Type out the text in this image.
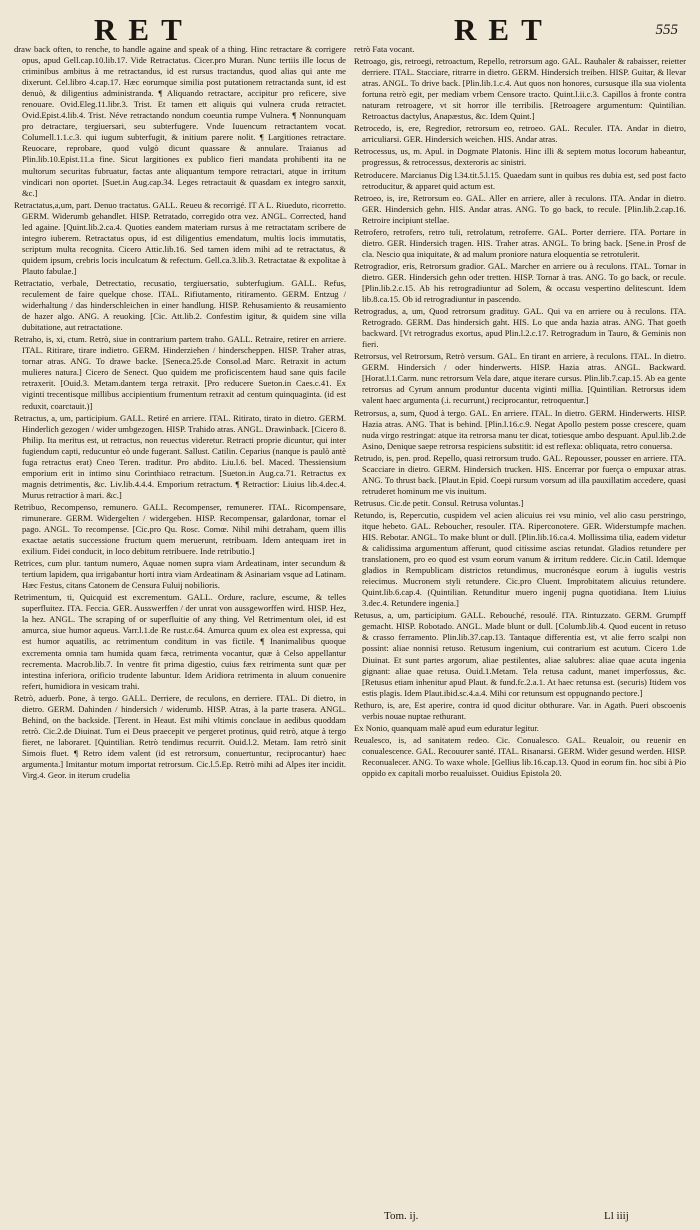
RET	RET	555

draw back often, to renche, to handle againe and speak of a thing. Hinc retractare & corrigere opus, apud Gell.cap.10.lib.17. Vide Retractatus. Cicer.pro Muran. Nunc tertiis ille locus de criminibus ambitus à me retractandus, id est rursus tractandus, quod alias qui ante me dixerunt. Cel.libro 4.cap.17. Hæc eorumque similia post putationem retractanda sunt, id est denuò, & diligentius administranda. ¶ Aliquando retractare, accipitur pro reficere, sive renouare. Ovid.Eleg.11.libr.3. Trist. Et tamen ett aliquis qui vulnera cruda retractet. Ovid.Epist.4.lib.4. Trist. Néve retractando nondum coeuntia rumpe Vulnera. ¶ Nonnunquam pro detractare, tergiuersari, seu subterfugere. Vnde Iuuencum retractantem vocat. Columell.1.1.c.3. qui iugum subterfugit, & initium parere nolit. ¶ Largitiones retractare. Reuocare, reprobare, quod vulgò dicunt quassare & annulare. Traianus ad Plin.lib.10.Epist.11.a fine. Sicut largitiones ex publico fieri mandata prohibenti ita ne multorum securitas fubruatur, factas ante aliquantum tempore retractari, atque in irritum vindicari non oportet. [Suet.in Aug.cap.34. Leges retractauit & quasdam ex integro sanxit, &c.]

Retractatus,a,um, part. Denuo tractatus. GALL. Reueu & recorrigé. IT A L. Riueduto, ricorretto. GERM. Widerumb gehandlet. HISP. Retratado, corregido otra vez. ANGL. Corrected, hand led againe. [Quint.lib.2.ca.4. Quoties eandem materiam rursus à me retractatam scribere de integro iuberem. Retractatus opus, id est diligentius emendatum, multis locis immutatis, scriptum multa recognita. Cicero Attic.lib.16. Sed tamen idem mihi ad te retractatus, & quidem ipsum, crebris locis inculcatum & refectum. Gell.ca.3.lib.3. Retractatae & expolitae à Plauto fabulae.]

Retractatio, verbale, Detrectatio, recusatio, tergiuersatio, subterfugium. GALL. Refus, reculement de faire quelque chose. ITAL. Rifiutamento, ritiramento. GERM. Entzug / widerhaltung / das hinderschleichen in einer handlung. HISP. Rehusamiento & reusamiento de hazer algo. ANG. A reuoking. [Cic. Att.lib.2. Confestim igitur, & quidem sine villa dubitatione, aut retractatione.

Retraho, is, xi, ctum. Retrò, siue in contrarium partem traho. GALL. Retraire, retirer en arriere. ITAL. Ritirare, tirare indietro. GERM. Hinderziehen / hinderscheppen. HISP. Traher atras, tornar atras. ANG. To drawe backe. [Seneca.25.de Consol.ad Marc. Retraxit in actum mulieres natura.] Cicero de Senect. Quo quidem me proficiscentem haud sane quis facile retraxerit. [Ouid.3. Metam.dantem terga retraxit. [Pro reducere Sueton.in Caes.c.41. Ex viginti trecentisque millibus accipientium frumentum retraxit ad centum quinquaginta. (id est reduxit, coarctauit.)]

Retractus, a, um, participium. GALL. Retiré en arriere. ITAL. Ritirato, tirato in dietro. GERM. Hinderlich gezogen / wider umbgezogen. HISP. Trahido atras. ANGL. Drawinback. [Cicero 8. Philip. Ita meritus est, ut retractus, non reuectus videretur. Retracti proprie dicuntur, qui inter fugiendum capti, reducuntur eò unde fugerant. Sallust. Catilin. Ceparius (nanque is paulò antè fuga retractus erat) Cneo Teren. traditur. Pro abdito. Liu.l.6. bel. Maced. Thessiensium emporium erit in intimo sinu Corinthiaco retractum. [Sueton.in Aug.ca.71. Retractus ex magnis detrimentis, &c. Liv.lib.4.4.4. Emporium retractum. ¶ Retractior: Liuius lib.4.dec.4. Murus retractior à mari. &c.]

Retribuo, Recompenso, remunero. GALL. Recompenser, remunerer. ITAL. Ricompensare, rimunerare. GERM. Widergelten / widergeben. HISP. Recompensar, galardonar, tornar el pago. ANGL. To recompense. [Cic.pro Qu. Rosc. Comœ. Nihil mihi detraham, quem illis exactae aetatis successione fructum quem meruerunt, retribuam. Idem antequam iret in exilium. Fidei conducit, in loco debitum retribuere. Inde retributio.]

Retrices, cum plur. tantum numero, Aquae nomen supra viam Ardeatinam, inter secundum & tertium lapidem, qua irrigabantur horti intra viam Ardeatinam & Asinariam vsque ad Latinam. Hæc Festus, citans Catonem de Censura Fuluij nobilioris.

Retrimentum, ti, Quicquid est excrementum. GALL. Ordure, raclure, escume, & telles superfluitez. ITA. Feccia. GER. Ausswerffen / der unrat von aussgeworffen wird. HISP. Hez, la hez. ANGL. The scraping of or superfluitie of any thing. Vel Retrimentum olei, id est amurca, siue humor aqueus. Varr.l.1.de Re rust.c.64. Amurca quum ex olea est expressa, qui est humor aquatilis, ac retrimentum conditum in vas fictile. ¶ Inanimalibus quoque excrementa omnia tam humida quam fæca, retrimenta vocantur, quæ à Celso appellantur recrementa. Macrob.lib.7. In ventre fit prima digestio, cuius fæx retrimenta sunt quæ per intestina inferiora, orificio trudente labuntur. Idem Aridiora retrimenta in aluum conuenire refert, humidiora in vesicam trahi.

Retrò, aduerb. Pone, à tergo. GALL. Derriere, de reculons, en derriere. ITAL. Di dietro, in dietro. GERM. Dahinden / hindersich / widerumb. HISP. Atras, à la parte trasera. ANGL. Behind, on the backside. [Terent. in Heaut. Est mihi vltimis conclaue in aedibus quoddam retrò. Cic.2.de Diuinat. Tum ei Deus praecepit ve pergeret protinus, quid retrò, atque à tergo fieret, ne laboraret. [Quintilian. Retrò tendimus recurrit. Ouid.l.2. Metam. Iam retrò sinit Simois fluet. ¶ Retro idem valent (id est retrorsum, conuertuntur, reciprocantur) haec argumenta.] Imitantur motum importat retrorsum. Cic.l.5.Ep. Retrò mihi ad Alpes iter incidit. Virg.4. Geor. in iterum crudelia

retrò Fata vocant.

Retroago, gis, retroegi, retroactum, Repello, retrorsum ago. GAL. Rauhaler & rabaisser, reietter derriere. ITAL. Stacciare, ritrarre in dietro. GERM. Hindersich treiben. HISP. Guitar, & llevar atras. ANGL. To drive back. [Plin.lib.1.c.4. Aut quos non honores, cursusque illa sua violenta fortuna retrò egit, per mediam vrbem Censore tracto. Quint.l.ii.c.3. Capillos à fronte contra naturam retroagere, vt sit horror ille terribilis. [Retroagere argumentum: Quintilian. Retroactus dactylus, Anapæstus, &c. Idem Quint.]

Retrocedo, is, ere, Regredior, retrorsum eo, retroeo. GAL. Reculer. ITA. Andar in dietro, arriculiarsi. GER. Hindersich weichen. HIS. Andar atras.

Retrocessus, us, m. Apul. in Dogmate Platonis. Hinc illi & septem motus locorum habeantur, progressus, & retrocessus, dexteroris ac sinistri.

Retroducere. Marcianus Dig l.34.tit.5.l.15. Quaedam sunt in quibus res dubia est, sed post facto retroducitur, & apparet quid actum est.

Retroeo, is, ire, Retrorsum eo. GAL. Aller en arriere, aller à reculons. ITA. Andar in dietro. GER. Hindersich gehn. HIS. Andar atras. ANG. To go back, to recule. [Plin.lib.2.cap.16. Retroire incipiunt stellae.

Retrofero, retrofers, retro tuli, retrolatum, retroferre. GAL. Porter derriere. ITA. Portare in dietro. GER. Hindersich tragen. HIS. Traher atras. ANGL. To bring back. [Sene.in Prosf de cla. Nescio qua iniquitate, & ad malum proniore natura eloquentia se retrotulerit.

Retrogradior, eris, Retrorsum gradior. GAL. Marcher en arriere ou à reculons. ITAL. Tornar in dietro. GER. Hindersich gehn oder tretten. HISP. Tornar à tras. ANG. To go back, or recule. [Plin.lib.2.c.15. Ab his retrogradiuntur ad Solem, & occasu vespertino delitescunt. Idem lib.8.ca.15. Ob id retrogradiuntur in pascendo.

Retrogradus, a, um, Quod retrorsum gradituy. GAL. Qui va en arriere ou à reculons. ITA. Retrogrado. GERM. Das hindersich gaht. HIS. Lo que anda hazia atras. ANG. That goeth backward. [Vt retrogradus exortus, apud Plin.l.2.c.17. Retrogradum in Tauro, & Geminis non fieri.

Retrorsus, vel Retrorsum, Retrò versum. GAL. En tirant en arriere, à reculons. ITAL. In dietro. GERM. Hindersich / oder hinderwerts. HISP. Hazia atras. ANGL. Backward. [Horat.l.1.Carm. nunc retrorsum Vela dare, atque iterare cursus. Plin.lib.7.cap.15. Ab ea gente retrorsus ad Cyrum annum produntur ducenta viginti millia. [Quintilian. Retrorsus idem valent haec argumenta (.i. recurrunt,) reciprocantur, retroquentur.]

Retrorsus, a, sum, Quod à tergo. GAL. En arriere. ITAL. In dietro. GERM. Hinderwerts. HISP. Hazia atras. ANG. That is behind. [Plin.l.16.c.9. Negat Apollo pestem posse crescere, quam nuda virgo restringat: atque ita retrorsa manu ter dicat, totiesque ambo despuant. Apul.lib.2.de Asino, Denique saepe retrorsa respiciens substitit: id est reflexa: obliquata, retro conuersa.

Retrudo, is, pen. prod. Repello, quasi retrorsum trudo. GAL. Repousser, pousser en arriere. ITA. Scacciare in dietro. GERM. Hindersich trucken. HIS. Encerrar por fuerça o empuxar atras. ANG. To thrust back. [Plaut.in Epid. Coepi rursum vorsum ad illa pauxillatim accedere, quasi retruderet hominum me vis inuitum.

Retrusus. Cic.de petit. Consul. Retrusa voluntas.]

Retundo, is, Repercutio, cuspidem vel acien alicuius rei vsu minio, vel alio casu perstringo, itque hebeto. GAL. Reboucher, resouler. ITA. Riperconotere. GER. Widerstumpfe machen. HIS. Rebotar. ANGL. To make blunt or dull. [Plin.lib.16.ca.4. Mollissima tilia, eadem videtur & calidissima argumentum afferunt, quod citissime ascias retundat. Gladios retundere per translationem, pro eo quod est vsum eorum vanum & irritum reddere. Cic.in Catil. Idemque gladios in Rempublicam districtos retundimus, mucronésque eorum à iugulis vestris reiecimus. Mucronem styli retundere. Cic.pro Cluent. Improbitatem alicuius retundere. Quint.lib.6.cap.4. (Quintilian. Retunditur muero ingenij pugna quotidiana. Item Liuius 3.dec.4. Retundere ingenia.]

Retusus, a, um, participium. GALL. Rebouché, resoulé. ITA. Rintuzzato. GERM. Grumpff gemacht. HISP. Robotado. ANGL. Made blunt or dull. [Columb.lib.4. Quod eucent in retuso & crasso ferramento. Plin.lib.37.cap.13. Tantaque differentia est, vt alie ferro scalpi non possint: aliae nonnisi retuso. Retusum ingenium, cui contrarium est acutum. Cicero 1.de Diuinat. Et sunt partes argorum, aliae pestilentes, aliae salubres: aliae quae acuta ingenia gignant: aliae quae retusa. Ouid.1.Metam. Tela retusa cadunt, manet imperfossus, &c. [Retusus etiam inhenitur apud Plaut. & fund.fc.2.a.1. At haec retunsa est. (securis) Itidem vos estis plagis. Idem Plaut.ibid.sc.4.a.4. Mihi cor retunsum est oppugnando pectore.]

Rethuro, is, are, Est aperire, contra id quod dicitur obthurare. Var. in Agath. Pueri obscoenis verbis nouae nuptae rethurant.

Ex Nonio, quanquam malè apud eum eduratur legitur.

Reualesco, is, ad sanitatem redeo. Cic. Conualesco. GAL. Reualoir, ou reuenir en conualescence. GAL. Recouurer santé. ITAL. Risanarsi. GERM. Wider gesund werden. HISP. Reconualecer. ANG. To waxe whole. [Gellius lib.16.cap.13. Quod in eorum fin. hoc sibi à Pio oppido ex capitali morbo reualuisset. Ouidius Epistola 20.

Tom. ij.	Ll iiij
